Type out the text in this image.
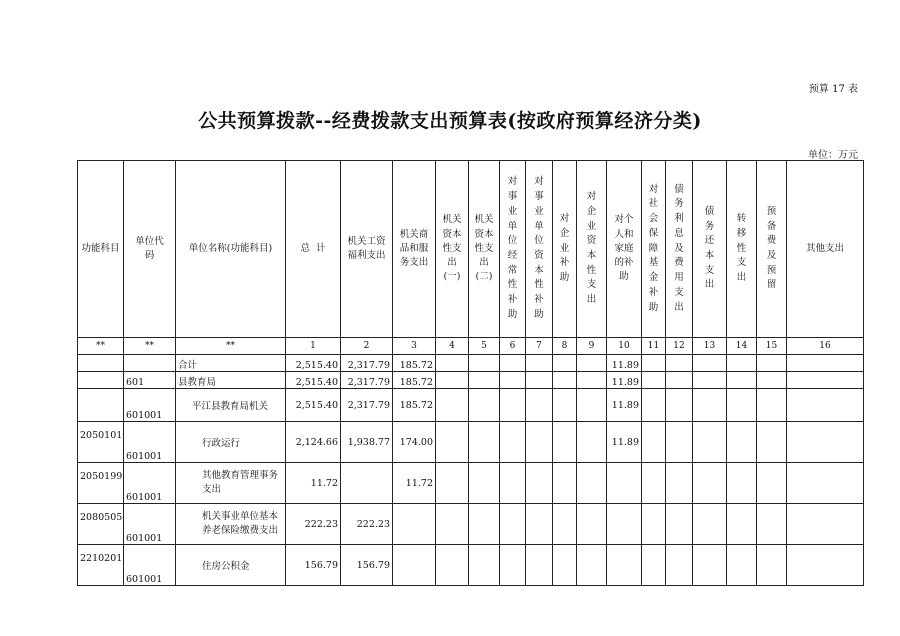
预算 17 表
公共预算拨款--经费拨款支出预算表(按政府预算经济分类)
单位：万元
功能科目	单位代码	单位名称(功能科目)	总  计	机关工资福利支出	机关商品和服务支出	机关资本性支出(一)	机关资本性支出(二)	对事业单位经常性补助	对事业单位资本性补助	对企业补助	对企业资本性支出	对个人和家庭的补助	对社会保障基金补助	债务利息及费用支出	债务还本支出	转移性支出	预备费及预留	其他支出
**	**	**	1	2	3	4	5	6	7	8	9	10	11	12	13	14	15	16
		合计	2,515.40	2,317.79	185.72							11.89						
	601	县教育局	2,515.40	2,317.79	185.72							11.89						
	601001	平江县教育局机关	2,515.40	2,317.79	185.72							11.89						
2050101	601001	行政运行	2,124.66	1,938.77	174.00							11.89						
2050199	601001	其他教育管理事务支出	11.72		11.72													
2080505	601001	机关事业单位基本养老保险缴费支出	222.23	222.23														
2210201	601001	住房公积金	156.79	156.79														
